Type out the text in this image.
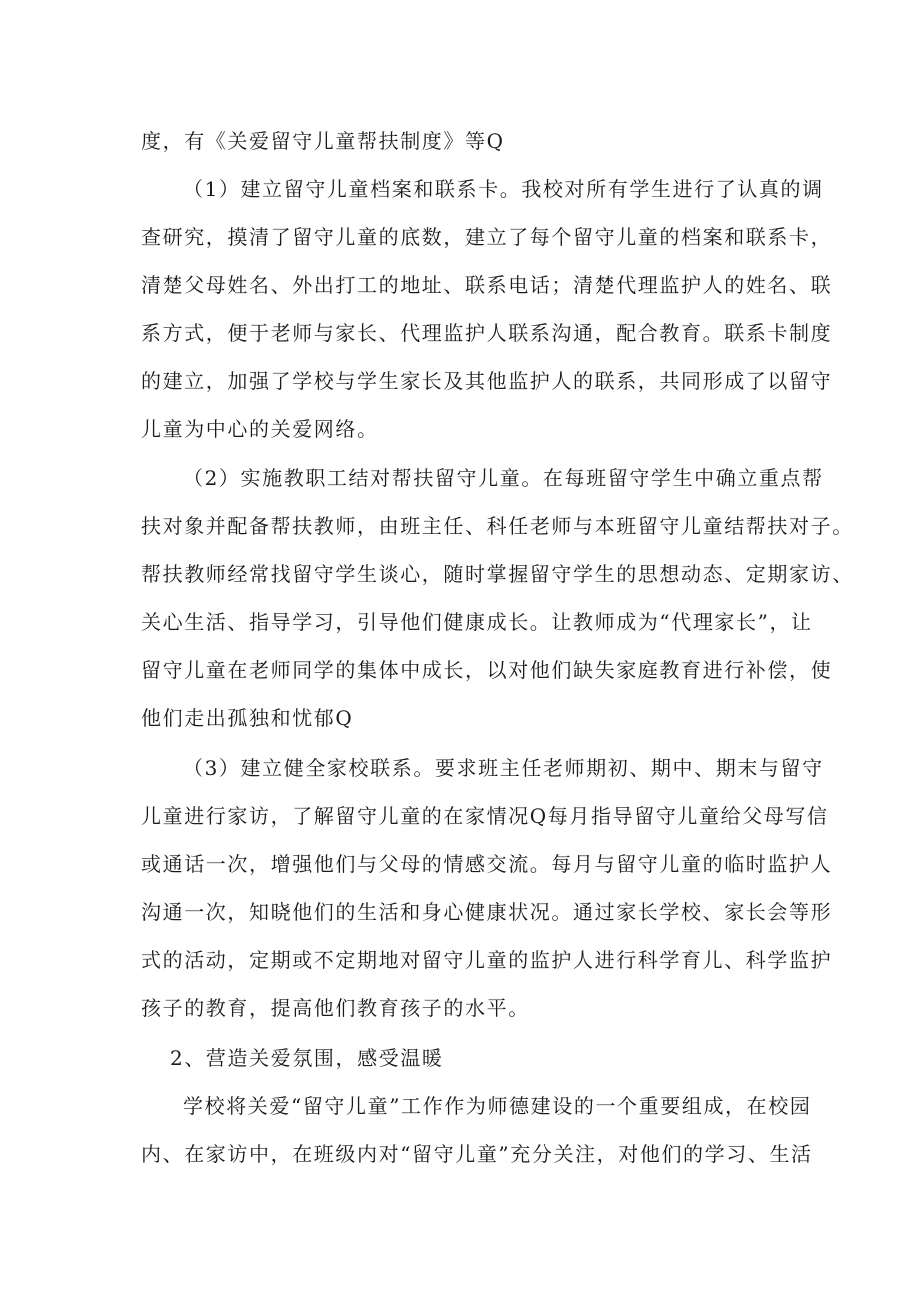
度，有《关爱留守儿童帮扶制度》等Q
（1）建立留守儿童档案和联系卡。我校对所有学生进行了认真的调
查研究，摸清了留守儿童的底数，建立了每个留守儿童的档案和联系卡，
清楚父母姓名、外出打工的地址、联系电话；清楚代理监护人的姓名、联
系方式，便于老师与家长、代理监护人联系沟通，配合教育。联系卡制度
的建立，加强了学校与学生家长及其他监护人的联系，共同形成了以留守
儿童为中心的关爱网络。
（2）实施教职工结对帮扶留守儿童。在每班留守学生中确立重点帮
扶对象并配备帮扶教师，由班主任、科任老师与本班留守儿童结帮扶对子。
帮扶教师经常找留守学生谈心，随时掌握留守学生的思想动态、定期家访、
关心生活、指导学习，引导他们健康成长。让教师成为“代理家长”，让
留守儿童在老师同学的集体中成长，以对他们缺失家庭教育进行补偿，使
他们走出孤独和忧郁Q
（3）建立健全家校联系。要求班主任老师期初、期中、期末与留守
儿童进行家访，了解留守儿童的在家情况Q每月指导留守儿童给父母写信
或通话一次，增强他们与父母的情感交流。每月与留守儿童的临时监护人
沟通一次，知晓他们的生活和身心健康状况。通过家长学校、家长会等形
式的活动，定期或不定期地对留守儿童的监护人进行科学育儿、科学监护
孩子的教育，提高他们教育孩子的水平。
2、营造关爱氛围，感受温暖
学校将关爱“留守儿童”工作作为师德建设的一个重要组成，在校园
内、在家访中，在班级内对“留守儿童”充分关注，对他们的学习、生活
